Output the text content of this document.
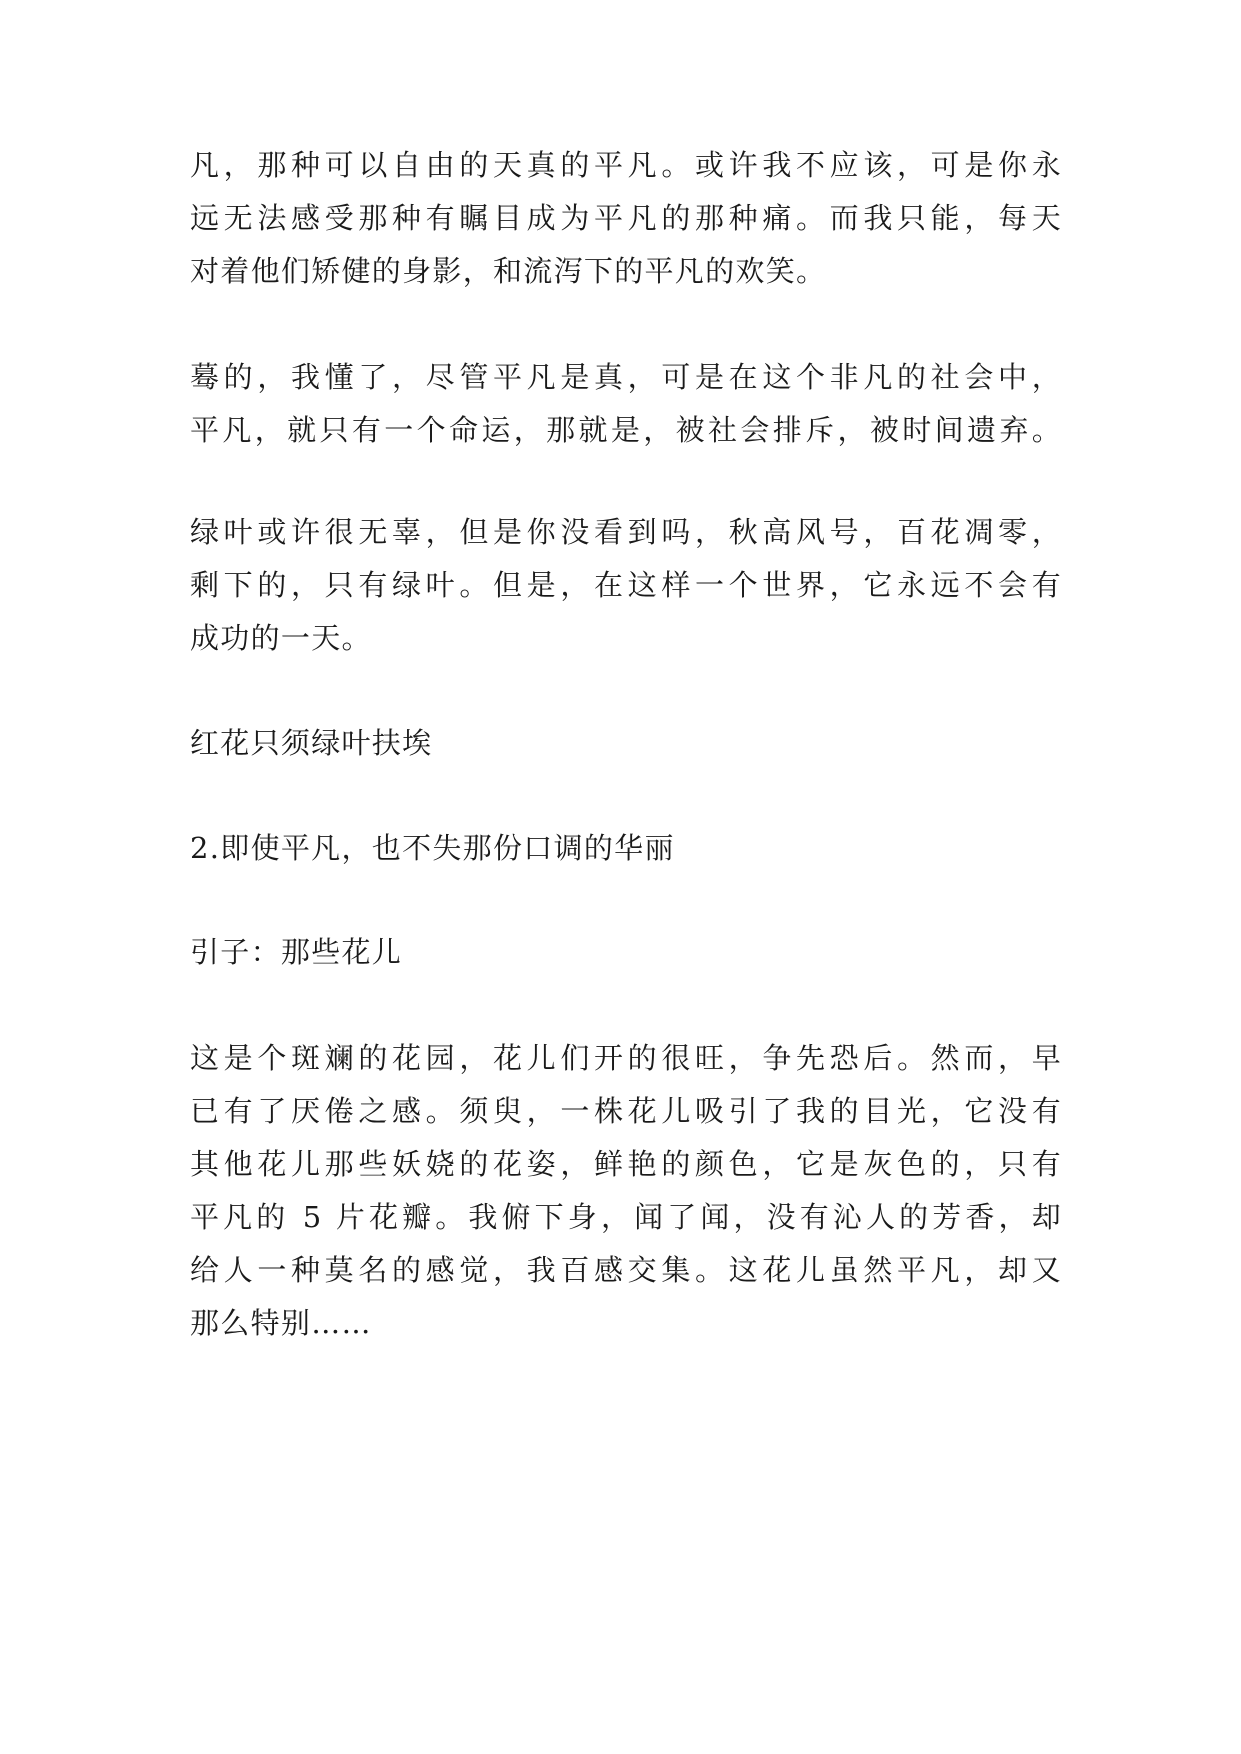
凡，那种可以自由的天真的平凡。或许我不应该，可是你永
远无法感受那种有瞩目成为平凡的那种痛。而我只能，每天
对着他们矫健的身影，和流泻下的平凡的欢笑。
蓦的，我懂了，尽管平凡是真，可是在这个非凡的社会中，
平凡，就只有一个命运，那就是，被社会排斥，被时间遗弃。
绿叶或许很无辜，但是你没看到吗，秋高风号，百花凋零，
剩下的，只有绿叶。但是，在这样一个世界，它永远不会有
成功的一天。
红花只须绿叶扶埃
2.即使平凡，也不失那份口调的华丽
引子：那些花儿
这是个斑斓的花园，花儿们开的很旺，争先恐后。然而，早
已有了厌倦之感。须臾，一株花儿吸引了我的目光，它没有
其他花儿那些妖娆的花姿，鲜艳的颜色，它是灰色的，只有
平凡的 5 片花瓣。我俯下身，闻了闻，没有沁人的芳香，却
给人一种莫名的感觉，我百感交集。这花儿虽然平凡，却又
那么特别……
